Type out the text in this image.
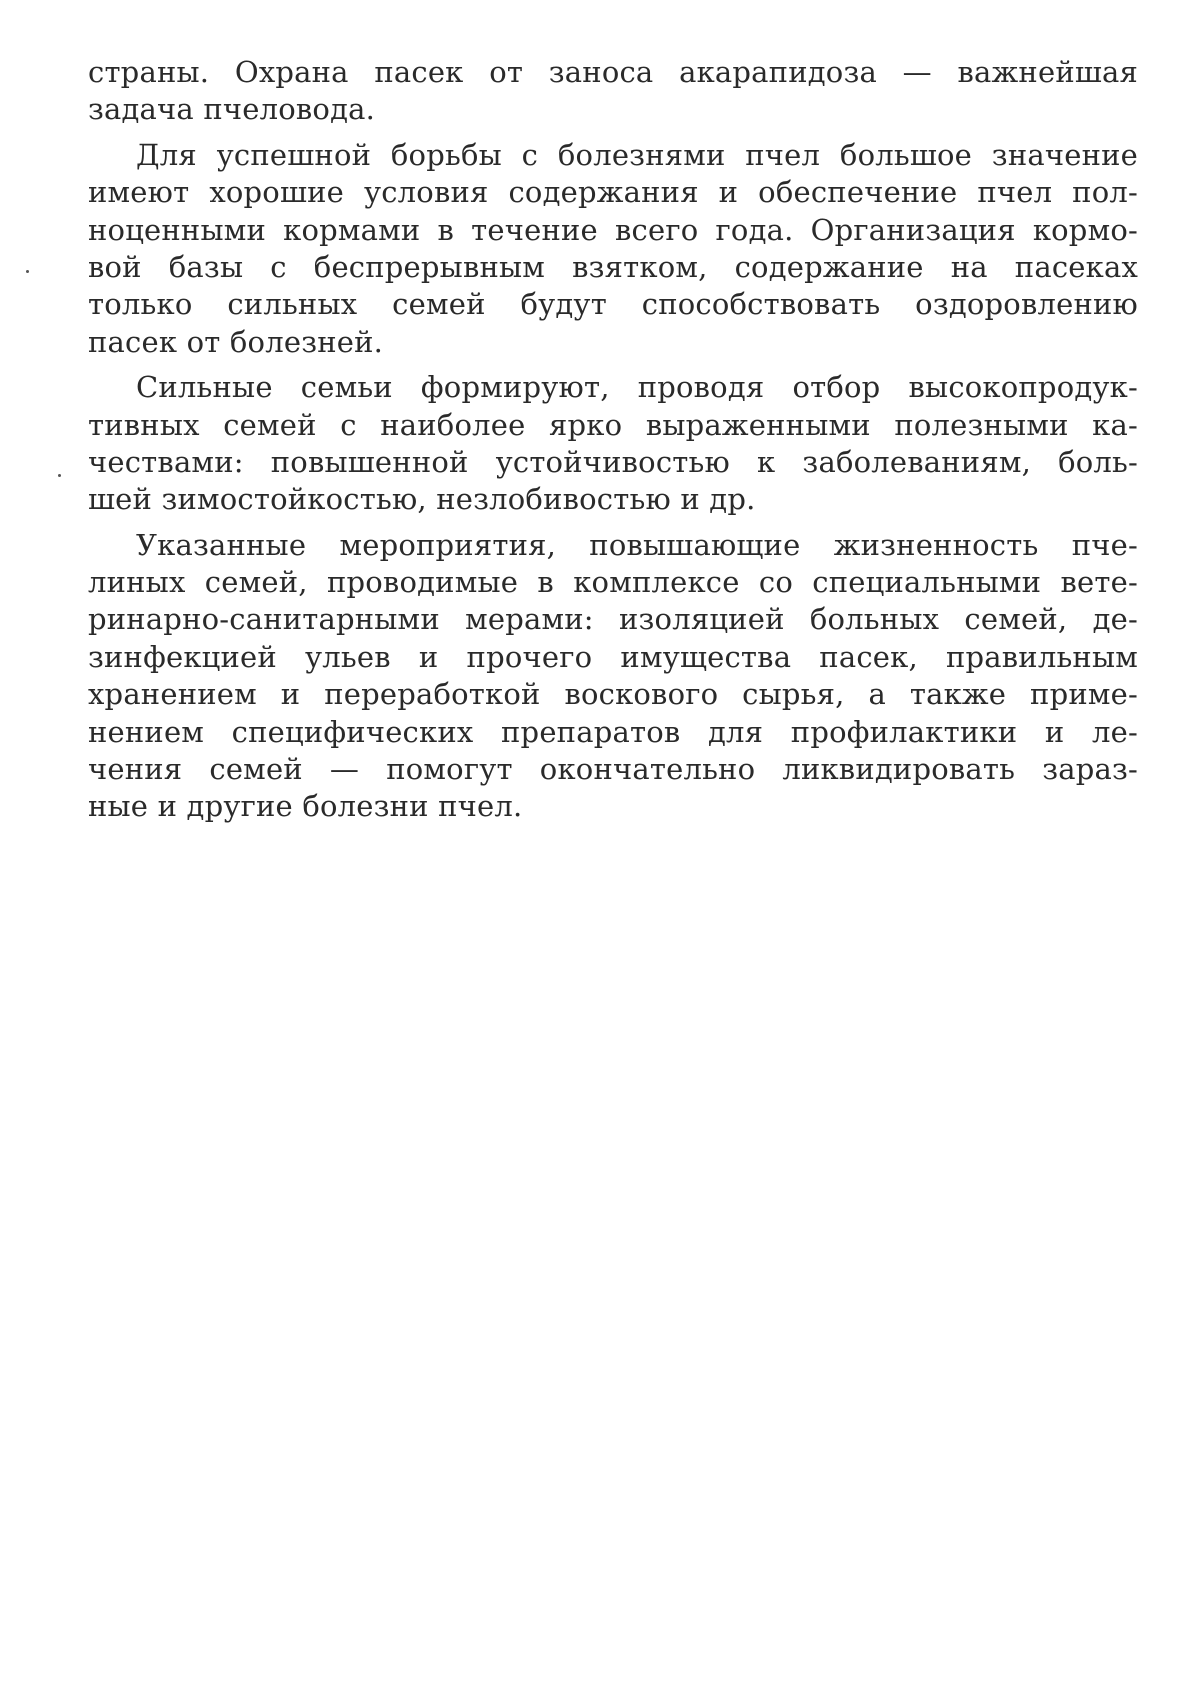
страны. Охрана пасек от заноса акарапидоза — важнейшая
задача пчеловода.
Для успешной борьбы с болезнями пчел большое значение
имеют хорошие условия содержания и обеспечение пчел пол-
ноценными кормами в течение всего года. Организация кормо-
вой базы с беспрерывным взятком, содержание на пасеках
только сильных семей будут способствовать оздоровлению
пасек от болезней.
Сильные семьи формируют, проводя отбор высокопродук-
тивных семей с наиболее ярко выраженными полезными ка-
чествами: повышенной устойчивостью к заболеваниям, боль-
шей зимостойкостью, незлобивостью и др.
Указанные мероприятия, повышающие жизненность пче-
линых семей, проводимые в комплексе со специальными вете-
ринарно-санитарными мерами: изоляцией больных семей, де-
зинфекцией ульев и прочего имущества пасек, правильным
хранением и переработкой воскового сырья, а также приме-
нением специфических препаратов для профилактики и ле-
чения семей — помогут окончательно ликвидировать зараз-
ные и другие болезни пчел.
